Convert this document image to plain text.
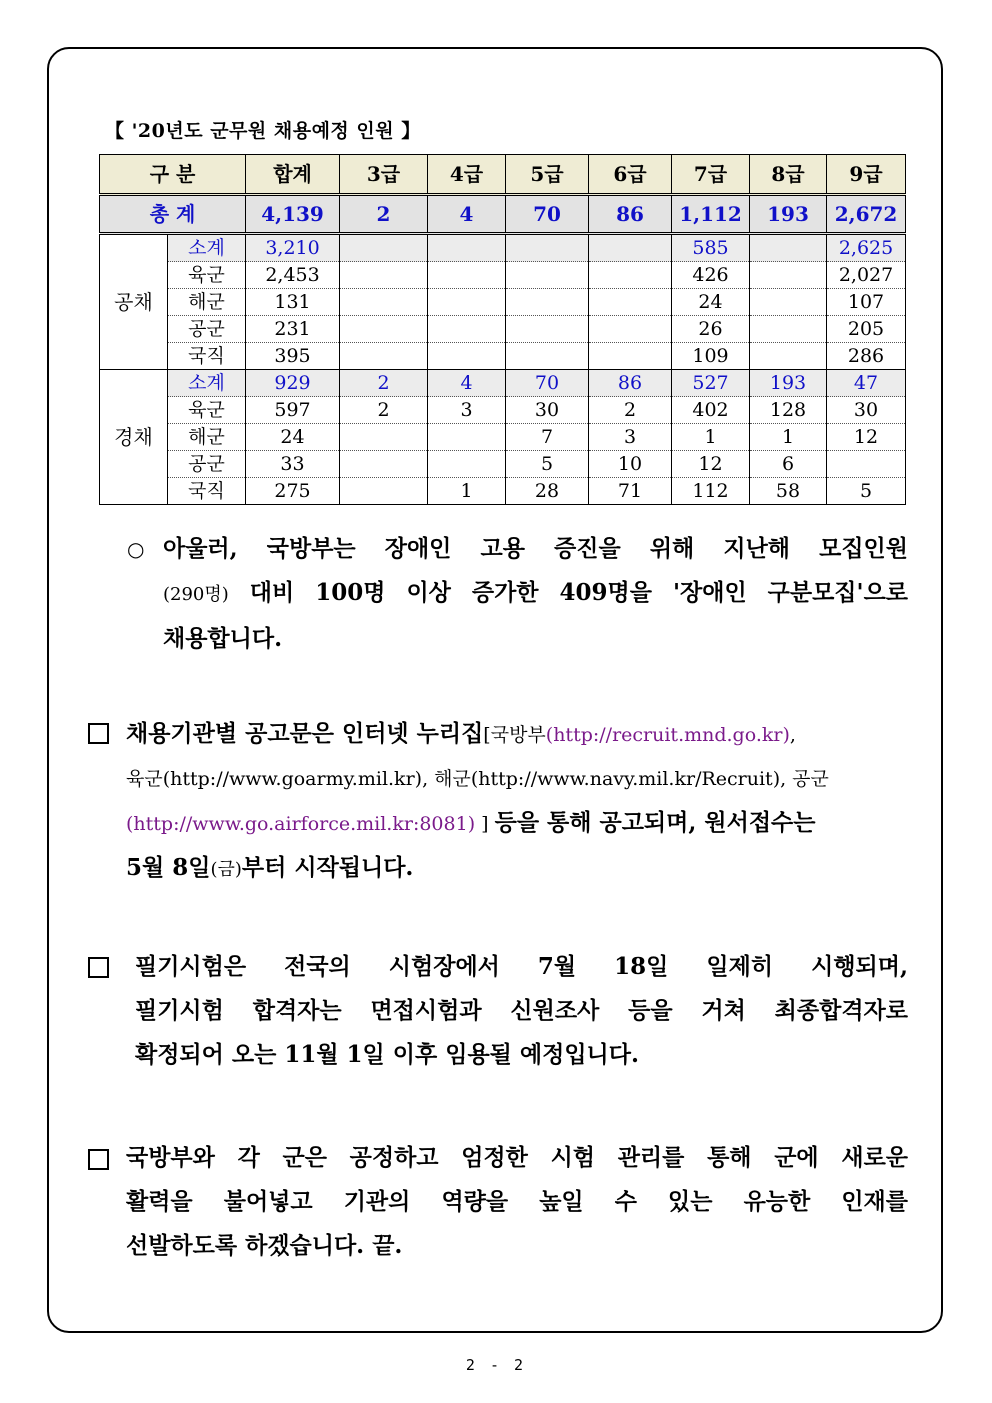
【 '20년도 군무원 채용예정 인원 】
구 분		합계	3급	4급	5급	6급	7급	8급	9급
총 계		4,139	2	4	70	86	1,112	193	2,672
공채	소계	3,210					585		2,625
	육군	2,453					426		2,027
	해군	131					24		107
	공군	231					26		205
	국직	395					109		286
경채	소계	929	2	4	70	86	527	193	47
	육군	597	2	3	30	2	402	128	30
	해군	24			7	3	1	1	12
	공군	33			5	10	12	6	
	국직	275		1	28	71	112	58	5
○ 아울러, 국방부는 장애인 고용 증진을 위해 지난해 모집인원
(290명) 대비 100명 이상 증가한 409명을 '장애인 구분모집'으로
채용합니다.
채용기관별 공고문은 인터넷 누리집[국방부(http://recruit.mnd.go.kr),
육군(http://www.goarmy.mil.kr), 해군(http://www.navy.mil.kr/Recruit), 공군
(http://www.go.airforce.mil.kr:8081) ] 등을 통해 공고되며, 원서접수는
5월 8일(금)부터 시작됩니다.
필기시험은 전국의 시험장에서 7월 18일 일제히 시행되며,
필기시험 합격자는 면접시험과 신원조사 등을 거쳐 최종합격자로
확정되어 오는 11월 1일 이후 임용될 예정입니다.
국방부와 각 군은 공정하고 엄정한 시험 관리를 통해 군에 새로운
활력을 불어넣고 기관의 역량을 높일 수 있는 유능한 인재를
선발하도록 하겠습니다. 끝.
2 - 2
